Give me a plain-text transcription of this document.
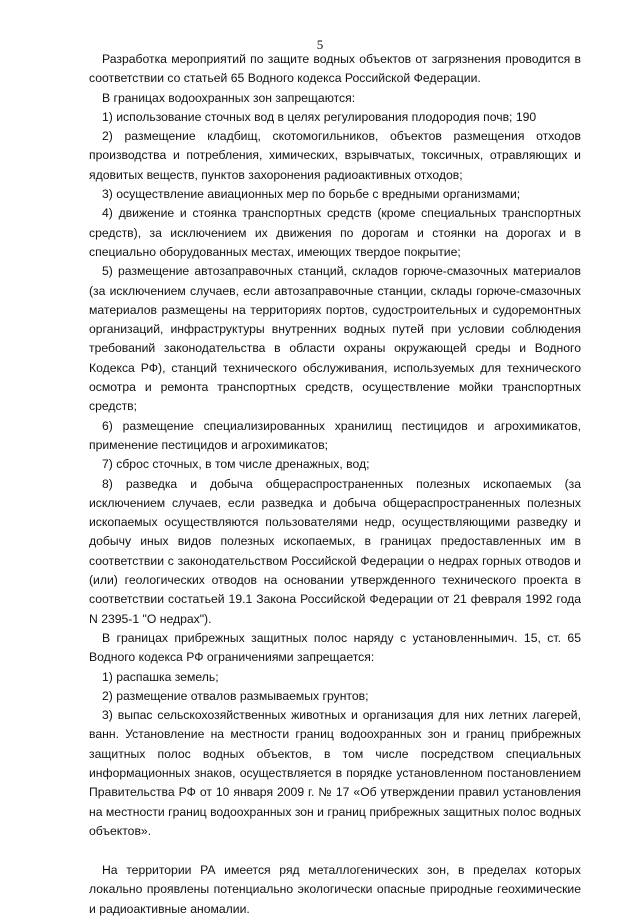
5

Разработка мероприятий по защите водных объектов от загрязнения проводится в соответствии со статьей 65 Водного кодекса Российской Федерации.

В границах водоохранных зон запрещаются:

1) использование сточных вод в целях регулирования плодородия почв; 190

2) размещение кладбищ, скотомогильников, объектов размещения отходов производства и потребления, химических, взрывчатых, токсичных, отравляющих и ядовитых веществ, пунктов захоронения радиоактивных отходов;

3) осуществление авиационных мер по борьбе с вредными организмами;

4) движение и стоянка транспортных средств (кроме специальных транспортных средств), за исключением их движения по дорогам и стоянки на дорогах и в специально оборудованных местах, имеющих твердое покрытие;

5) размещение автозаправочных станций, складов горюче-смазочных материалов (за исключением случаев, если автозаправочные станции, склады горюче-смазочных материалов размещены на территориях портов, судостроительных и судоремонтных организаций, инфраструктуры внутренних водных путей при условии соблюдения требований законодательства в области охраны окружающей среды и Водного Кодекса РФ), станций технического обслуживания, используемых для технического осмотра и ремонта транспортных средств, осуществление мойки транспортных средств;

6) размещение специализированных хранилищ пестицидов и агрохимикатов, применение пестицидов и агрохимикатов;

7) сброс сточных, в том числе дренажных, вод;

8) разведка и добыча общераспространенных полезных ископаемых (за исключением случаев, если разведка и добыча общераспространенных полезных ископаемых осуществляются пользователями недр, осуществляющими разведку и добычу иных видов полезных ископаемых, в границах предоставленных им в соответствии с законодательством Российской Федерации о недрах горных отводов и (или) геологических отводов на основании утвержденного технического проекта в соответствии состатьей 19.1 Закона Российской Федерации от 21 февраля 1992 года N 2395-1 "О недрах").

В границах прибрежных защитных полос наряду с установленнымич. 15, ст. 65 Водного кодекса РФ ограничениями запрещается:

1) распашка земель;

2) размещение отвалов размываемых грунтов;

3) выпас сельскохозяйственных животных и организация для них летних лагерей, ванн. Установление на местности границ водоохранных зон и границ прибрежных защитных полос водных объектов, в том числе посредством специальных информационных знаков, осуществляется в порядке установленном постановлением Правительства РФ от 10 января 2009 г. № 17 «Об утверждении правил установления на местности границ водоохранных зон и границ прибрежных защитных полос водных объектов».

На территории РА имеется ряд металлогенических зон, в пределах которых локально проявлены потенциально экологически опасные природные геохимические и радиоактивные аномалии.
